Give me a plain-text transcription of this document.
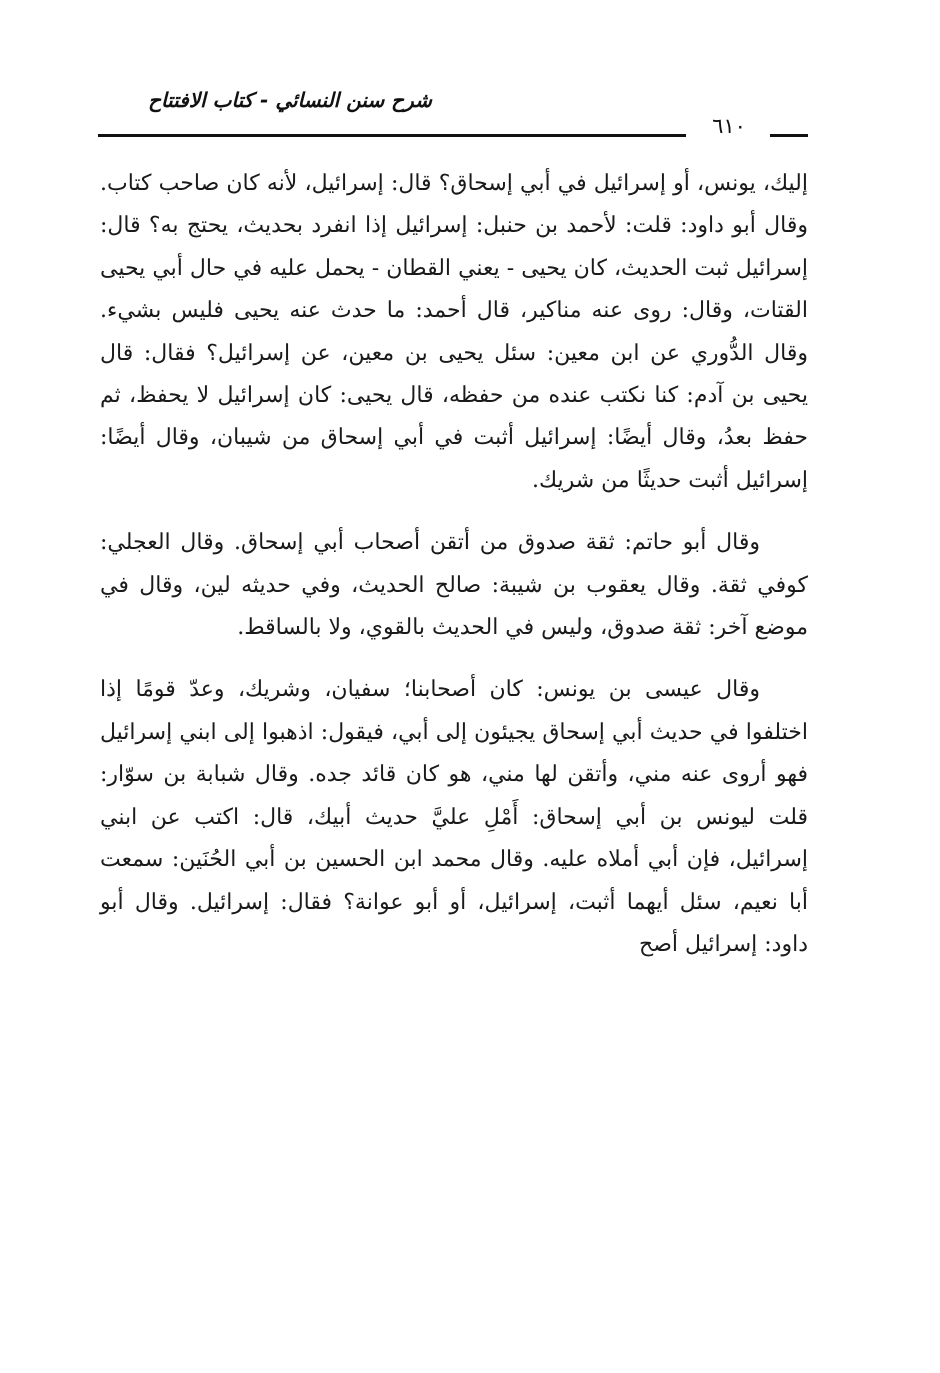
شرح سنن النسائي - كتاب الافتتاح
٦١٠

إليك، يونس، أو إسرائيل في أبي إسحاق؟ قال: إسرائيل، لأنه كان صاحب كتاب. وقال أبو داود: قلت: لأحمد بن حنبل: إسرائيل إذا انفرد بحديث، يحتج به؟ قال: إسرائيل ثبت الحديث، كان يحيى - يعني القطان - يحمل عليه في حال أبي يحيى القتات، وقال: روى عنه مناكير، قال أحمد: ما حدث عنه يحيى فليس بشيء. وقال الدُّوري عن ابن معين: سئل يحيى بن معين، عن إسرائيل؟ فقال: قال يحيى بن آدم: كنا نكتب عنده من حفظه، قال يحيى: كان إسرائيل لا يحفظ، ثم حفظ بعدُ، وقال أيضًا: إسرائيل أثبت في أبي إسحاق من شيبان، وقال أيضًا: إسرائيل أثبت حديثًا من شريك.

وقال أبو حاتم: ثقة صدوق من أتقن أصحاب أبي إسحاق. وقال العجلي: كوفي ثقة. وقال يعقوب بن شيبة: صالح الحديث، وفي حديثه لين، وقال في موضع آخر: ثقة صدوق، وليس في الحديث بالقوي، ولا بالساقط.

وقال عيسى بن يونس: كان أصحابنا؛ سفيان، وشريك، وعدّ قومًا إذا اختلفوا في حديث أبي إسحاق يجيئون إلى أبي، فيقول: اذهبوا إلى ابني إسرائيل فهو أروى عنه مني، وأتقن لها مني، هو كان قائد جده. وقال شبابة بن سوّار: قلت ليونس بن أبي إسحاق: أَمْلِ عليَّ حديث أبيك، قال: اكتب عن ابني إسرائيل، فإن أبي أملاه عليه. وقال محمد ابن الحسين بن أبي الحُنَين: سمعت أبا نعيم، سئل أيهما أثبت، إسرائيل، أو أبو عوانة؟ فقال: إسرائيل. وقال أبو داود: إسرائيل أصح
